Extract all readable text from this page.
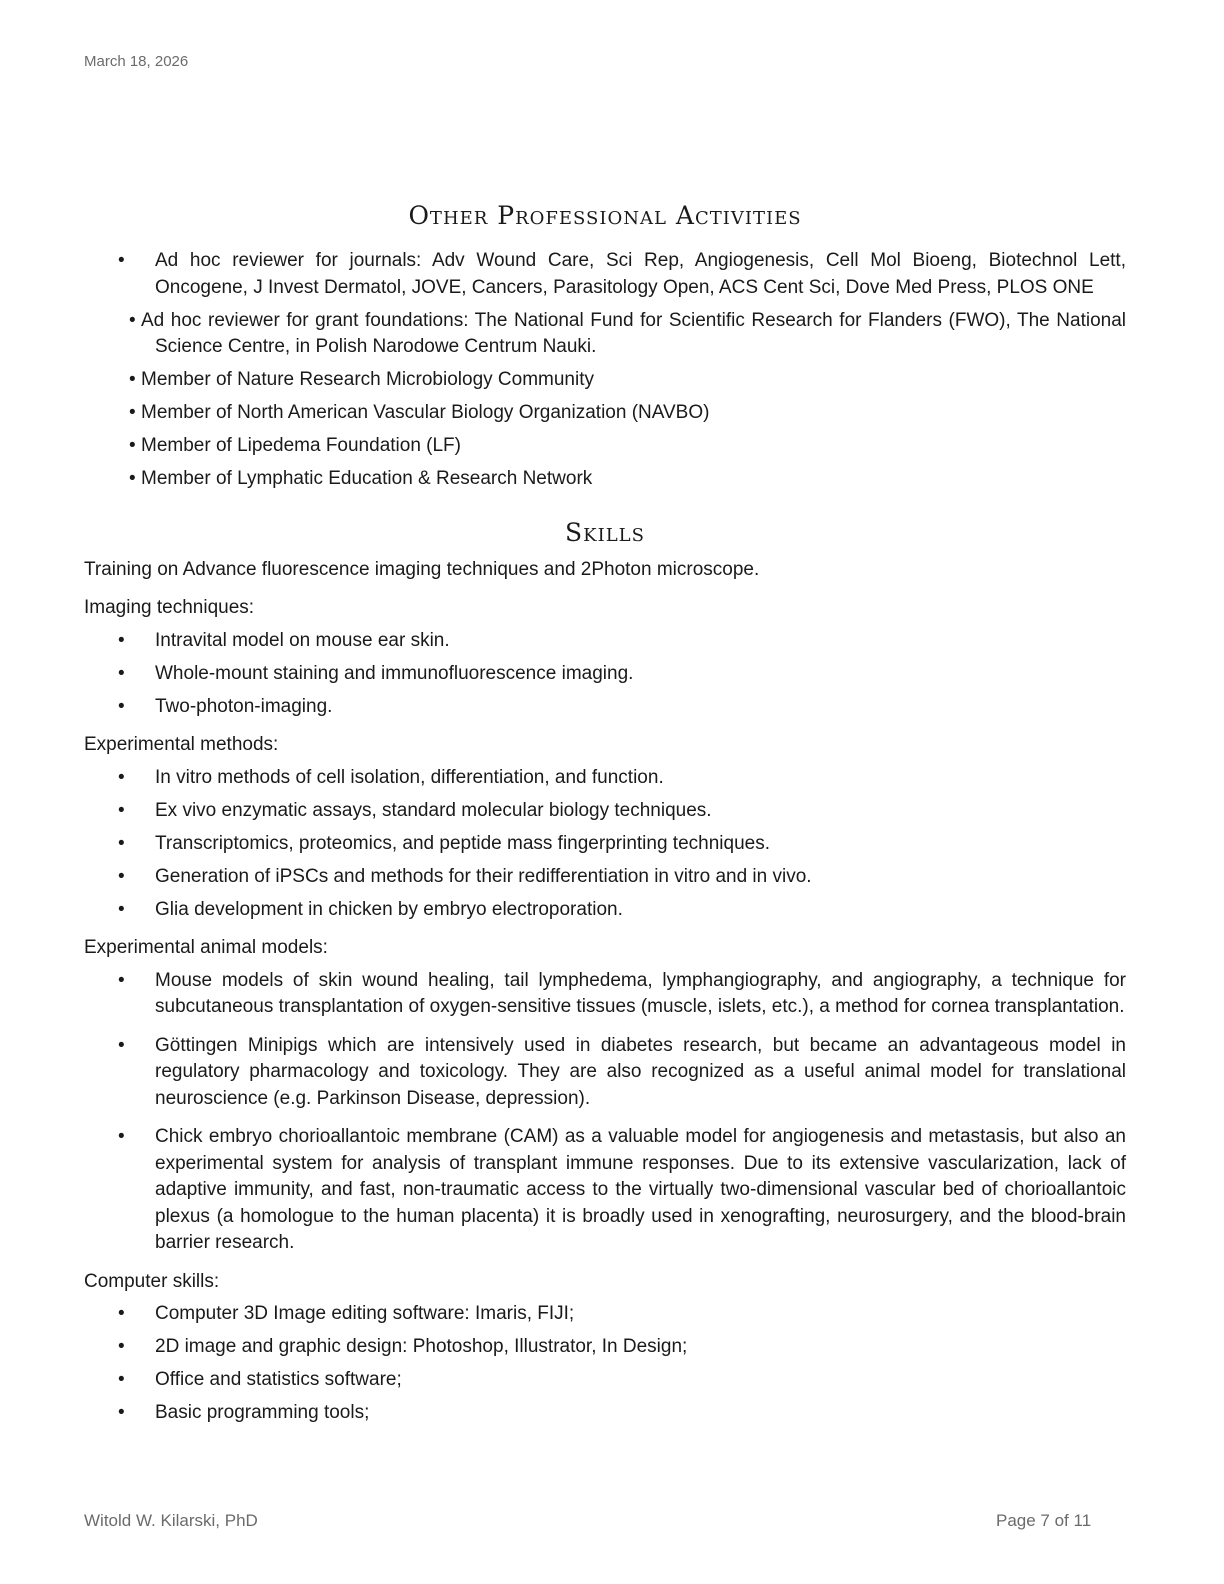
March 18, 2026
Other Professional Activities
• Ad hoc reviewer for journals: Adv Wound Care, Sci Rep, Angiogenesis, Cell Mol Bioeng, Biotechnol Lett, Oncogene, J Invest Dermatol, JOVE, Cancers, Parasitology Open, ACS Cent Sci, Dove Med Press, PLOS ONE
• Ad hoc reviewer for grant foundations: The National Fund for Scientific Research for Flanders (FWO), The National Science Centre, in Polish Narodowe Centrum Nauki.
• Member of Nature Research Microbiology Community
• Member of North American Vascular Biology Organization (NAVBO)
• Member of Lipedema Foundation (LF)
• Member of Lymphatic Education & Research Network
Skills
Training on Advance fluorescence imaging techniques and 2Photon microscope.
Imaging techniques:
• Intravital model on mouse ear skin.
• Whole-mount staining and immunofluorescence imaging.
• Two-photon-imaging.
Experimental methods:
• In vitro methods of cell isolation, differentiation, and function.
• Ex vivo enzymatic assays, standard molecular biology techniques.
• Transcriptomics, proteomics, and peptide mass fingerprinting techniques.
• Generation of iPSCs and methods for their redifferentiation in vitro and in vivo.
• Glia development in chicken by embryo electroporation.
Experimental animal models:
• Mouse models of skin wound healing, tail lymphedema, lymphangiography, and angiography, a technique for subcutaneous transplantation of oxygen-sensitive tissues (muscle, islets, etc.), a method for cornea transplantation.
• Göttingen Minipigs which are intensively used in diabetes research, but became an advantageous model in regulatory pharmacology and toxicology. They are also recognized as a useful animal model for translational neuroscience (e.g. Parkinson Disease, depression).
• Chick embryo chorioallantoic membrane (CAM) as a valuable model for angiogenesis and metastasis, but also an experimental system for analysis of transplant immune responses. Due to its extensive vascularization, lack of adaptive immunity, and fast, non-traumatic access to the virtually two-dimensional vascular bed of chorioallantoic plexus (a homologue to the human placenta) it is broadly used in xenografting, neurosurgery, and the blood-brain barrier research.
Computer skills:
• Computer 3D Image editing software: Imaris, FIJI;
• 2D image and graphic design: Photoshop, Illustrator, In Design;
• Office and statistics software;
• Basic programming tools;
Witold W. Kilarski, PhD	Page 7 of 11
